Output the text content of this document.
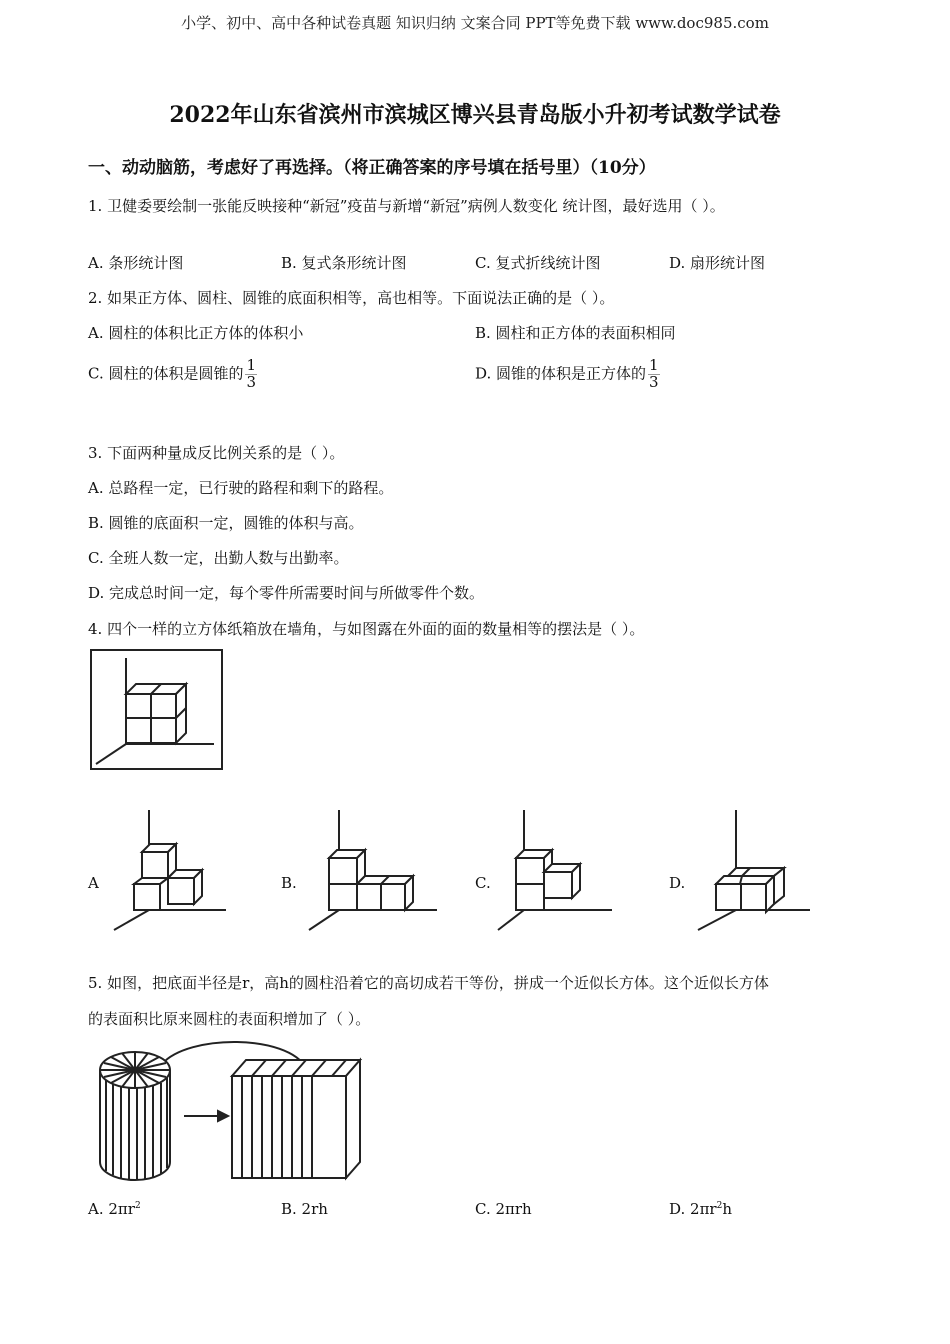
小学、初中、高中各种试卷真题 知识归纳 文案合同 PPT等免费下载 www.doc985.com
2022年山东省滨州市滨城区博兴县青岛版小升初考试数学试卷
一、动动脑筋，考虑好了再选择。（将正确答案的序号填在括号里）（10分）
1. 卫健委要绘制一张能反映接种“新冠”疫苗与新增“新冠”病例人数变化 统计图，最好选用（ ）。
A. 条形统计图	B. 复式条形统计图	C. 复式折线统计图	D. 扇形统计图
2. 如果正方体、圆柱、圆锥的底面积相等，高也相等。下面说法正确的是（ ）。
A. 圆柱的体积比正方体的体积小	B. 圆柱和正方体的表面积相同
C. 圆柱的体积是圆锥的 $\frac{1}{3}$	D. 圆锥的体积是正方体的 $\frac{1}{3}$
3. 下面两种量成反比例关系的是（ ）。
A. 总路程一定，已行驶的路程和剩下的路程。
B. 圆锥的底面积一定，圆锥的体积与高。
C. 全班人数一定，出勤人数与出勤率。
D. 完成总时间一定，每个零件所需要时间与所做零件个数。
4. 四个一样的立方体纸箱放在墙角，与如图露在外面的面的数量相等的摆法是（ ）。
A	B.	C.	D.
5. 如图，把底面半径是r，高h的圆柱沿着它的高切成若干等份，拼成一个近似长方体。这个近似长方体
的表面积比原来圆柱的表面积增加了（ ）。
A. $2\pi r^2$	B. 2rh	C. 2πrh	D. $2\pi r^2h$
